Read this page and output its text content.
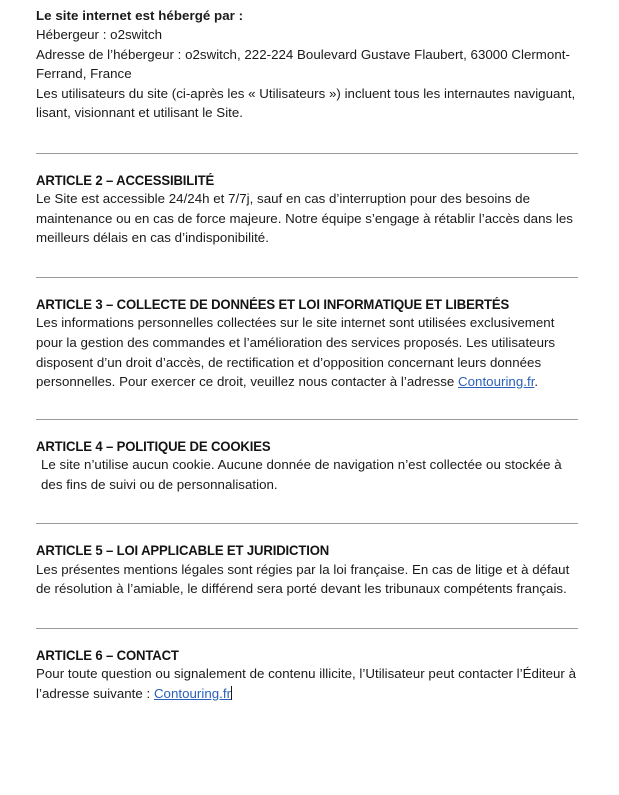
Le site internet est hébergé par :

Hébergeur : o2switch
Adresse de l’hébergeur : o2switch, 222-224 Boulevard Gustave Flaubert, 63000 Clermont-Ferrand, France

Les utilisateurs du site (ci-après les « Utilisateurs ») incluent tous les internautes naviguant, lisant, visionnant et utilisant le Site.

ARTICLE 2 – ACCESSIBILITÉ

Le Site est accessible 24/24h et 7/7j, sauf en cas d’interruption pour des besoins de maintenance ou en cas de force majeure. Notre équipe s’engage à rétablir l’accès dans les meilleurs délais en cas d’indisponibilité.

ARTICLE 3 – COLLECTE DE DONNÉES ET LOI INFORMATIQUE ET LIBERTÉS

Les informations personnelles collectées sur le site internet sont utilisées exclusivement pour la gestion des commandes et l’amélioration des services proposés. Les utilisateurs disposent d’un droit d’accès, de rectification et d’opposition concernant leurs données personnelles. Pour exercer ce droit, veuillez nous contacter à l’adresse Contouring.fr.

ARTICLE 4 – POLITIQUE DE COOKIES

Le site n’utilise aucun cookie. Aucune donnée de navigation n’est collectée ou stockée à des fins de suivi ou de personnalisation.

ARTICLE 5 – LOI APPLICABLE ET JURIDICTION

Les présentes mentions légales sont régies par la loi française. En cas de litige et à défaut de résolution à l’amiable, le différend sera porté devant les tribunaux compétents français.

ARTICLE 6 – CONTACT

Pour toute question ou signalement de contenu illicite, l’Utilisateur peut contacter l’Éditeur à l’adresse suivante : Contouring.fr
